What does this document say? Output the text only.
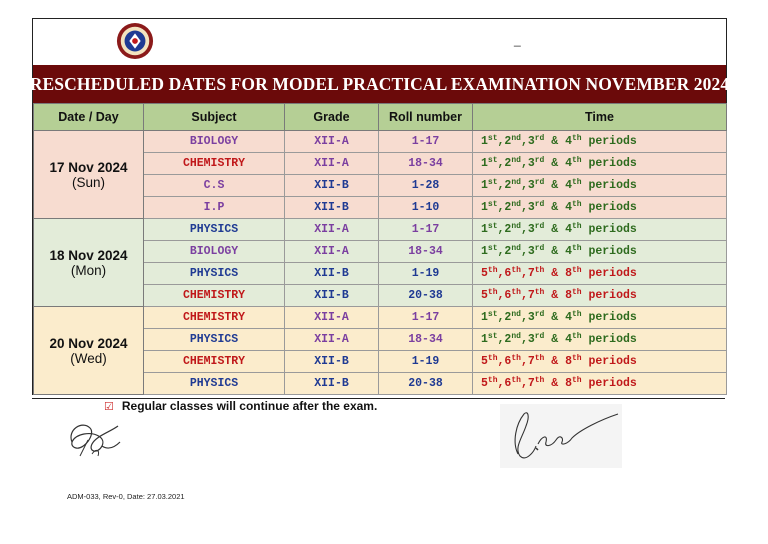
_
RESCHEDULED DATES FOR MODEL PRACTICAL EXAMINATION NOVEMBER 2024
Date / Day	Subject	Grade	Roll number	Time

17 Nov 2024
(Sun)	BIOLOGY	XII-A	1-17	1st,2nd,3rd & 4th periods
	CHEMISTRY	XII-A	18-34	1st,2nd,3rd & 4th periods
	C.S	XII-B	1-28	1st,2nd,3rd & 4th periods
	I.P	XII-B	1-10	1st,2nd,3rd & 4th periods

18 Nov 2024
(Mon)	PHYSICS	XII-A	1-17	1st,2nd,3rd & 4th periods
	BIOLOGY	XII-A	18-34	1st,2nd,3rd & 4th periods
	PHYSICS	XII-B	1-19	5th,6th,7th & 8th periods
	CHEMISTRY	XII-B	20-38	5th,6th,7th & 8th periods

20 Nov 2024
(Wed)	CHEMISTRY	XII-A	1-17	1st,2nd,3rd & 4th periods
	PHYSICS	XII-A	18-34	1st,2nd,3rd & 4th periods
	CHEMISTRY	XII-B	1-19	5th,6th,7th & 8th periods
	PHYSICS	XII-B	20-38	5th,6th,7th & 8th periods
☑ Regular classes will continue after the exam.
ADM-033, Rev-0, Date: 27.03.2021
